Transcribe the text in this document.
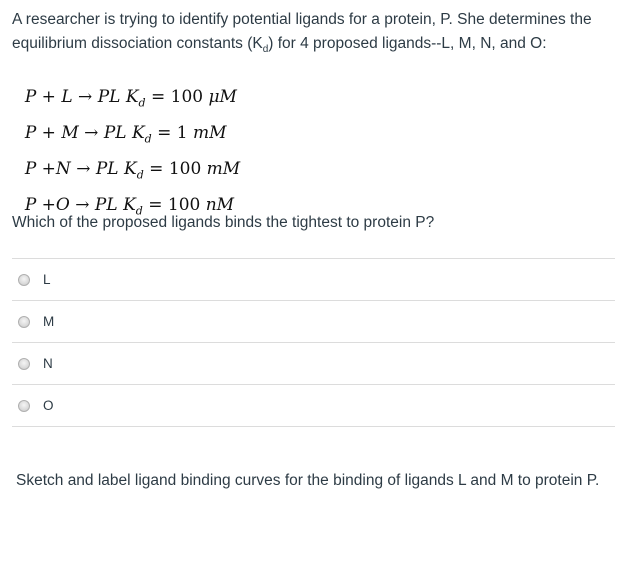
A researcher is trying to identify potential ligands for a protein, P. She determines the equilibrium dissociation constants $(K_d)$ for 4 proposed ligands--L, M, N, and O:

P + L → PL $K_d = 100$ μM

P + M → PL $K_d = 1$ mM

P +N → PL $K_d = 100$ mM

P +O → PL $K_d = 100$ nM

Which of the proposed ligands binds the tightest to protein P?
L
M
N
O
Sketch and label ligand binding curves for the binding of ligands L and M to protein P.
